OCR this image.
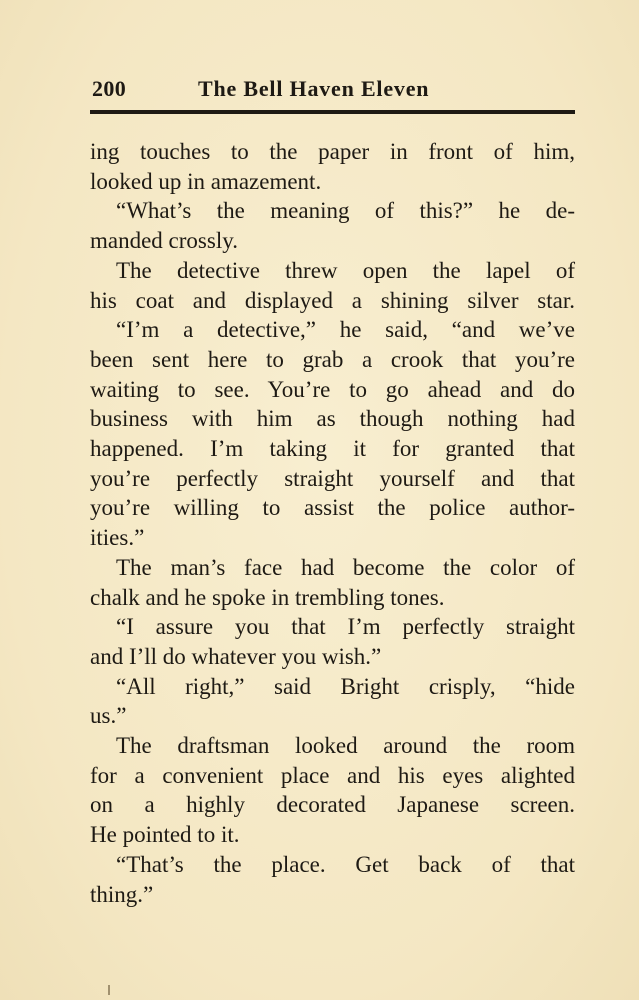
200	The Bell Haven Eleven
ing touches to the paper in front of him,
looked up in amazement.
“What’s the meaning of this?” he de-
manded crossly.
The detective threw open the lapel of
his coat and displayed a shining silver star.
“I’m a detective,” he said, “and we’ve
been sent here to grab a crook that you’re
waiting to see. You’re to go ahead and do
business with him as though nothing had
happened. I’m taking it for granted that
you’re perfectly straight yourself and that
you’re willing to assist the police author-
ities.”
The man’s face had become the color of
chalk and he spoke in trembling tones.
“I assure you that I’m perfectly straight
and I’ll do whatever you wish.”
“All right,” said Bright crisply, “hide
us.”
The draftsman looked around the room
for a convenient place and his eyes alighted
on a highly decorated Japanese screen.
He pointed to it.
“That’s the place. Get back of that
thing.”
